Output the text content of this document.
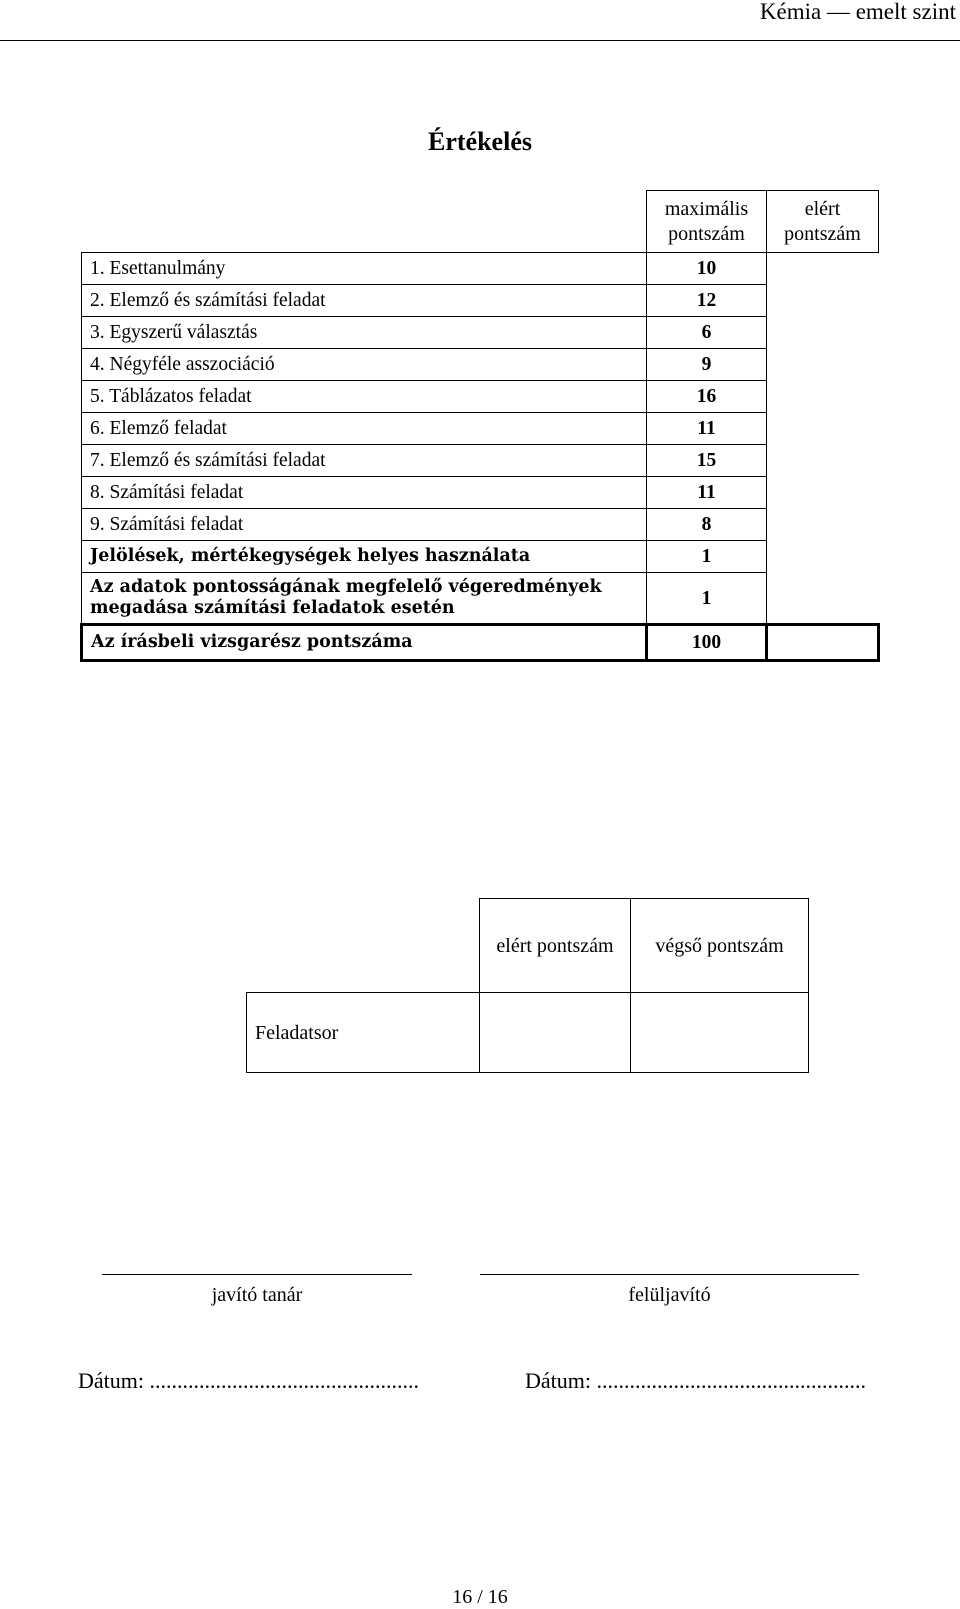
Kémia — emelt szint
Értékelés
	maximális pontszám	elért pontszám
1. Esettanulmány	10	
2. Elemző és számítási feladat	12	
3. Egyszerű választás	6	
4. Négyféle asszociáció	9	
5. Táblázatos feladat	16	
6. Elemző feladat	11	
7. Elemző és számítási feladat	15	
8. Számítási feladat	11	
9. Számítási feladat	8	
Jelölések, mértékegységek helyes használata	1	
Az adatok pontosságának megfelelő végeredmények megadása számítási feladatok esetén	1	
Az írásbeli vizsgarész pontszáma	100	
	elért pontszám	végső pontszám
Feladatsor		
javító tanár	felüljavító
Dátum: .................................................	Dátum: .................................................
16 / 16
